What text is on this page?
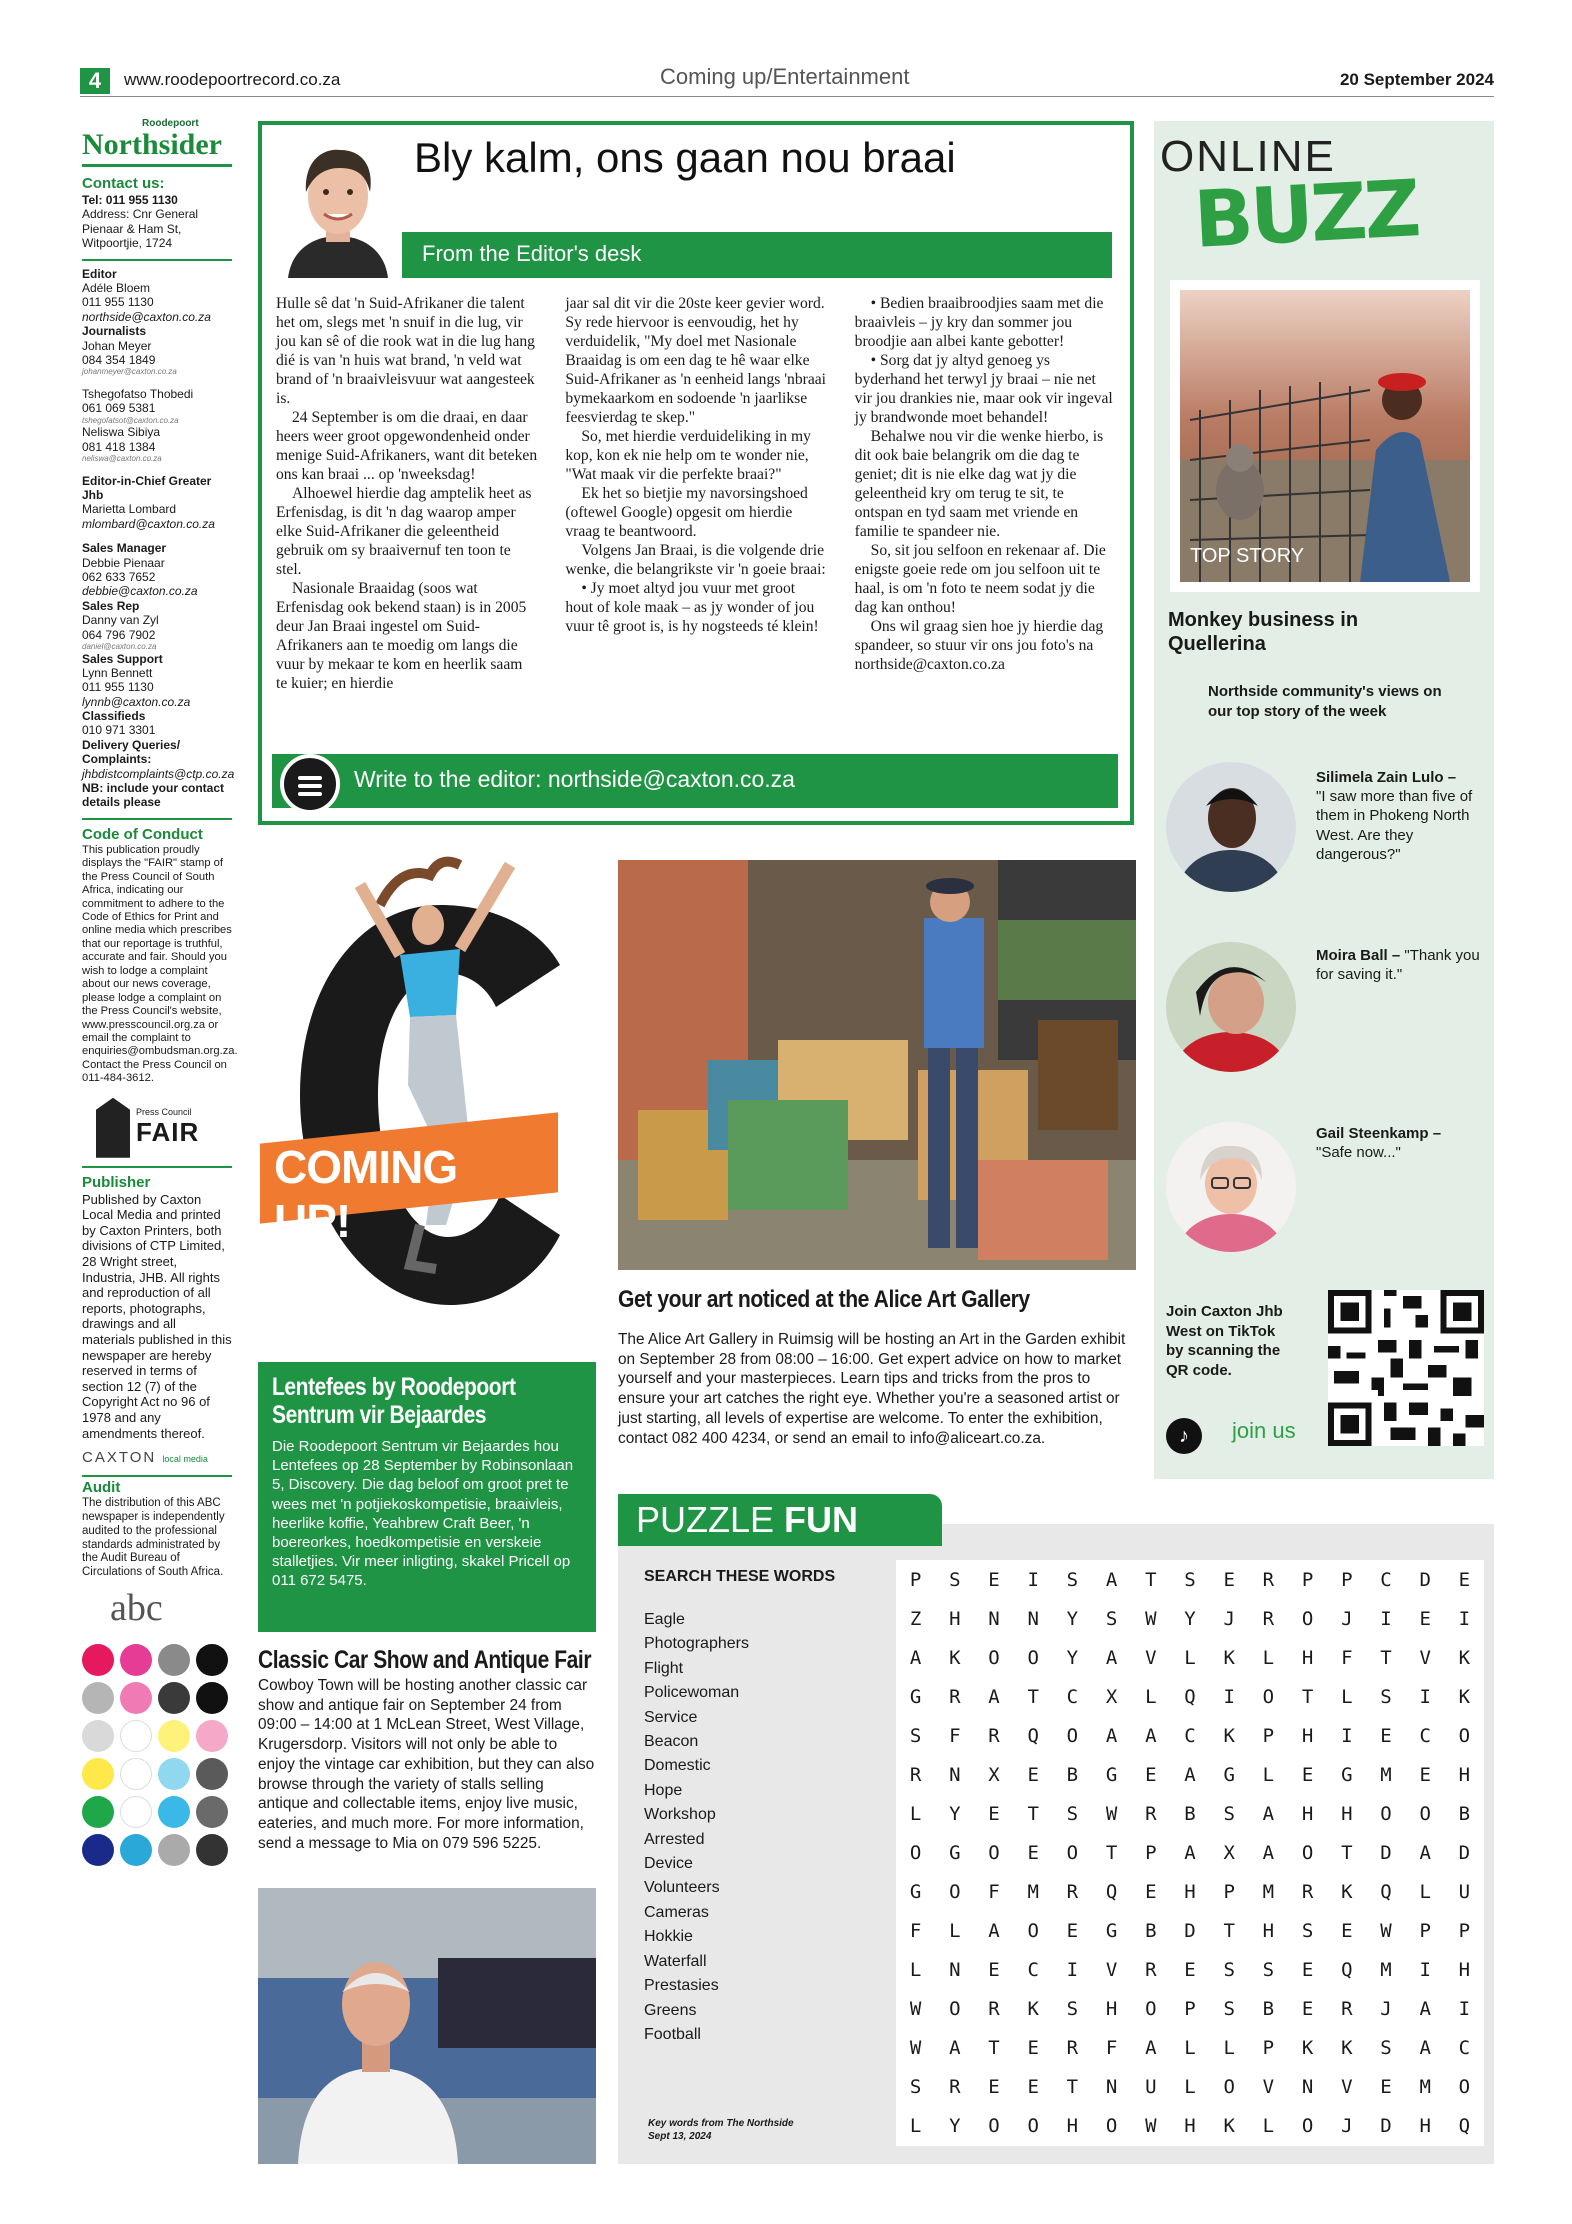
4	www.roodepoortrecord.co.za	Coming up/Entertainment	20 September 2024
Roodepoort
Northsider
Contact us:
Tel: 011 955 1130
Address: Cnr General Pienaar & Ham St, Witpoortjie, 1724
Editor
Adéle Bloem
011 955 1130
northside@caxton.co.za
Journalists
Johan Meyer
084 354 1849
johanmeyer@caxton.co.za
Tshegofatso Thobedi
061 069 5381
tshegofatsot@caxton.co.za
Neliswa Sibiya
081 418 1384
neliswa@caxton.co.za
Editor-in-Chief Greater Jhb
Marietta Lombard
mlombard@caxton.co.za
Sales Manager
Debbie Pienaar
062 633 7652
debbie@caxton.co.za
Sales Rep
Danny van Zyl
064 796 7902
daniel@caxton.co.za
Sales Support
Lynn Bennett
011 955 1130
lynnb@caxton.co.za
Classifieds
010 971 3301
Delivery Queries/ Complaints:
jhbdistcomplaints@ctp.co.za
NB: include your contact details please
Code of Conduct
This publication proudly displays the "FAIR" stamp of the Press Council of South Africa, indicating our commitment to adhere to the Code of Ethics for Print and online media which prescribes that our reportage is truthful, accurate and fair. Should you wish to lodge a complaint about our news coverage, please lodge a complaint on the Press Council's website, www.presscouncil.org.za or email the complaint to enquiries@ombudsman.org.za. Contact the Press Council on 011-484-3612.
Press Council
FAIR
Publisher
Published by Caxton Local Media and printed by Caxton Printers, both divisions of CTP Limited, 28 Wright street, Industria, JHB. All rights and reproduction of all reports, photographs, drawings and all materials published in this newspaper are hereby reserved in terms of section 12 (7) of the Copyright Act no 96 of 1978 and any amendments thereof.
CAXTON local media
Audit
The distribution of this ABC newspaper is independently audited to the professional standards administrated by the Audit Bureau of Circulations of South Africa.
abc
Bly kalm, ons gaan nou braai
From the Editor's desk

Hulle sê dat 'n Suid-Afrikaner die talent het om, slegs met 'n snuif in die lug, vir jou kan sê of die rook wat in die lug hang dié is van 'n huis wat brand, 'n veld wat brand of 'n braaivleisvuur wat aangesteek is.

24 September is om die draai, en daar heers weer groot opgewondenheid onder menige Suid-Afrikaners, want dit beteken ons kan braai ... op 'nweeksdag!

Alhoewel hierdie dag amptelik heet as Erfenisdag, is dit 'n dag waarop amper elke Suid-Afrikaner die geleentheid gebruik om sy braaivernuf ten toon te stel.

Nasionale Braaidag (soos wat Erfenisdag ook bekend staan) is in 2005 deur Jan Braai ingestel om Suid-Afrikaners aan te moedig om langs die vuur by mekaar te kom en heerlik saam te kuier; en hierdie

jaar sal dit vir die 20ste keer gevier word. Sy rede hiervoor is eenvoudig, het hy verduidelik, "My doel met Nasionale Braaidag is om een dag te hê waar elke Suid-Afrikaner as 'n eenheid langs 'nbraai bymekaarkom en sodoende 'n jaarlikse feesvierdag te skep."

So, met hierdie verduideliking in my kop, kon ek nie help om te wonder nie, "Wat maak vir die perfekte braai?"

Ek het so bietjie my navorsingshoed (oftewel Google) opgesit om hierdie vraag te beantwoord.

Volgens Jan Braai, is die volgende drie wenke, die belangrikste vir 'n goeie braai:

• Jy moet altyd jou vuur met groot hout of kole maak – as jy wonder of jou vuur tê groot is, is hy nogsteeds té klein!

• Bedien braaibroodjies saam met die braaivleis – jy kry dan sommer jou broodjie aan albei kante gebotter!

• Sorg dat jy altyd genoeg ys byderhand het terwyl jy braai – nie net vir jou drankies nie, maar ook vir ingeval jy brandwonde moet behandel!

Behalwe nou vir die wenke hierbo, is dit ook baie belangrik om die dag te geniet; dit is nie elke dag wat jy die geleentheid kry om terug te sit, te ontspan en tyd saam met vriende en familie te spandeer nie.

So, sit jou selfoon en rekenaar af. Die enigste goeie rede om jou selfoon uit te haal, is om 'n foto te neem sodat jy die dag kan onthou!

Ons wil graag sien hoe jy hierdie dag spandeer, so stuur vir ons jou foto's na northside@caxton.co.za

Write to the editor: northside@caxton.co.za
ONLINE
BUZZ
TOP STORY
Monkey business in Quellerina
Northside community's views on our top story of the week
Silimela Zain Lulo –
"I saw more than five of them in Phokeng North West. Are they dangerous?"
Moira Ball – "Thank you for saving it."
Gail Steenkamp –
"Safe now..."
Join Caxton Jhb West on TikTok by scanning the QR code.
♪	join us
COMING UP!
Get your art noticed at the Alice Art Gallery
The Alice Art Gallery in Ruimsig will be hosting an Art in the Garden exhibit on September 28 from 08:00 – 16:00. Get expert advice on how to market yourself and your masterpieces. Learn tips and tricks from the pros to ensure your art catches the right eye. Whether you're a seasoned artist or just starting, all levels of expertise are welcome. To enter the exhibition, contact 082 400 4234, or send an email to info@aliceart.co.za.
Lentefees by Roodepoort Sentrum vir Bejaardes

Die Roodepoort Sentrum vir Bejaardes hou Lentefees op 28 September by Robinsonlaan 5, Discovery. Die dag beloof om groot pret te wees met 'n potjiekoskompetisie, braaivleis, heerlike koffie, Yeahbrew Craft Beer, 'n boereorkes, hoedkompetisie en verskeie stalletjies. Vir meer inligting, skakel Pricell op 011 672 5475.

Classic Car Show and Antique Fair
Cowboy Town will be hosting another classic car show and antique fair on September 24 from 09:00 – 14:00 at 1 McLean Street, West Village, Krugersdorp. Visitors will not only be able to enjoy the vintage car exhibition, but they can also browse through the variety of stalls selling antique and collectable items, enjoy live music, eateries, and much more. For more information, send a message to Mia on 079 596 5225.
PUZZLE FUN
SEARCH THESE WORDS
Eagle
Photographers
Flight
Policewoman
Service
Beacon
Domestic
Hope
Workshop
Arrested
Device
Volunteers
Cameras
Hokkie
Waterfall
Prestasies
Greens
Football
Key words from The Northside Sept 13, 2024
P	S	E	I	S	A	T	S	E	R	P	P	C	D	E
Z	H	N	N	Y	S	W	Y	J	R	O	J	I	E	I
A	K	O	O	Y	A	V	L	K	L	H	F	T	V	K
G	R	A	T	C	X	L	Q	I	O	T	L	S	I	K
S	F	R	Q	O	A	A	C	K	P	H	I	E	C	O
R	N	X	E	B	G	E	A	G	L	E	G	M	E	H
L	Y	E	T	S	W	R	B	S	A	H	H	O	O	B
O	G	O	E	O	T	P	A	X	A	O	T	D	A	D
G	O	F	M	R	Q	E	H	P	M	R	K	Q	L	U
F	L	A	O	E	G	B	D	T	H	S	E	W	P	P
L	N	E	C	I	V	R	E	S	S	E	Q	M	I	H
W	O	R	K	S	H	O	P	S	B	E	R	J	A	I
W	A	T	E	R	F	A	L	L	P	K	K	S	A	C
S	R	E	E	T	N	U	L	O	V	N	V	E	M	O
L	Y	O	O	H	O	W	H	K	L	O	J	D	H	Q
